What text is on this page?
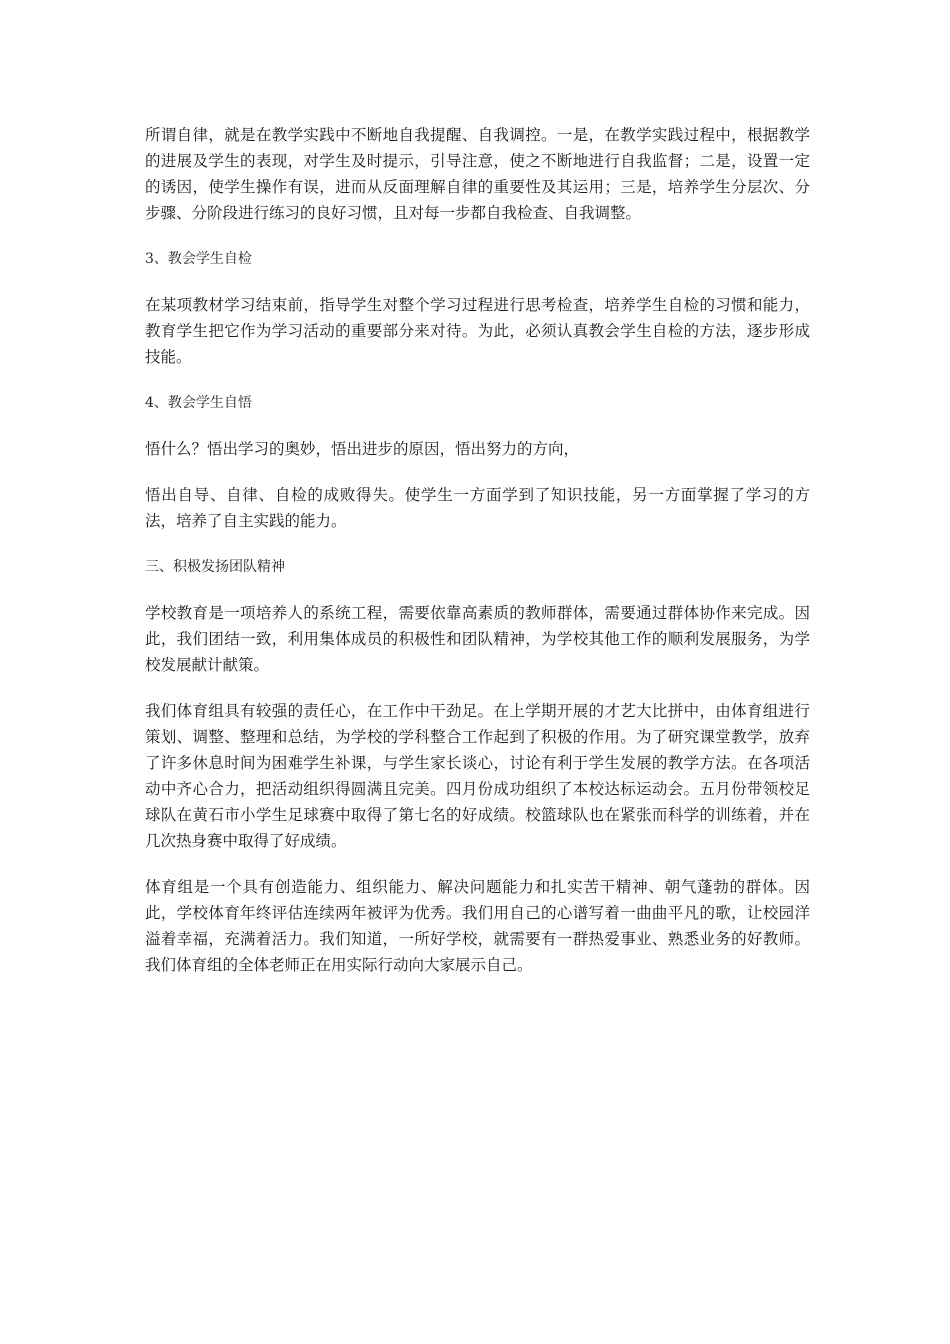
所谓自律，就是在教学实践中不断地自我提醒、自我调控。一是，在教学实践过程中，根据教学的进展及学生的表现，对学生及时提示，引导注意，使之不断地进行自我监督；二是，设置一定的诱因，使学生操作有误，进而从反面理解自律的重要性及其运用；三是，培养学生分层次、分步骤、分阶段进行练习的良好习惯，且对每一步都自我检查、自我调整。

3、教会学生自检

在某项教材学习结束前，指导学生对整个学习过程进行思考检查，培养学生自检的习惯和能力，教育学生把它作为学习活动的重要部分来对待。为此，必须认真教会学生自检的方法，逐步形成技能。

4、教会学生自悟

悟什么？悟出学习的奥妙，悟出进步的原因，悟出努力的方向，

悟出自导、自律、自检的成败得失。使学生一方面学到了知识技能，另一方面掌握了学习的方法，培养了自主实践的能力。

三、积极发扬团队精神

学校教育是一项培养人的系统工程，需要依靠高素质的教师群体，需要通过群体协作来完成。因此，我们团结一致，利用集体成员的积极性和团队精神，为学校其他工作的顺利发展服务，为学校发展献计献策。

我们体育组具有较强的责任心，在工作中干劲足。在上学期开展的才艺大比拼中，由体育组进行策划、调整、整理和总结，为学校的学科整合工作起到了积极的作用。为了研究课堂教学，放弃了许多休息时间为困难学生补课，与学生家长谈心，讨论有利于学生发展的教学方法。在各项活动中齐心合力，把活动组织得圆满且完美。四月份成功组织了本校达标运动会。五月份带领校足球队在黄石市小学生足球赛中取得了第七名的好成绩。校篮球队也在紧张而科学的训练着，并在几次热身赛中取得了好成绩。

体育组是一个具有创造能力、组织能力、解决问题能力和扎实苦干精神、朝气蓬勃的群体。因此，学校体育年终评估连续两年被评为优秀。我们用自己的心谱写着一曲曲平凡的歌，让校园洋溢着幸福，充满着活力。我们知道，一所好学校，就需要有一群热爱事业、熟悉业务的好教师。我们体育组的全体老师正在用实际行动向大家展示自己。
